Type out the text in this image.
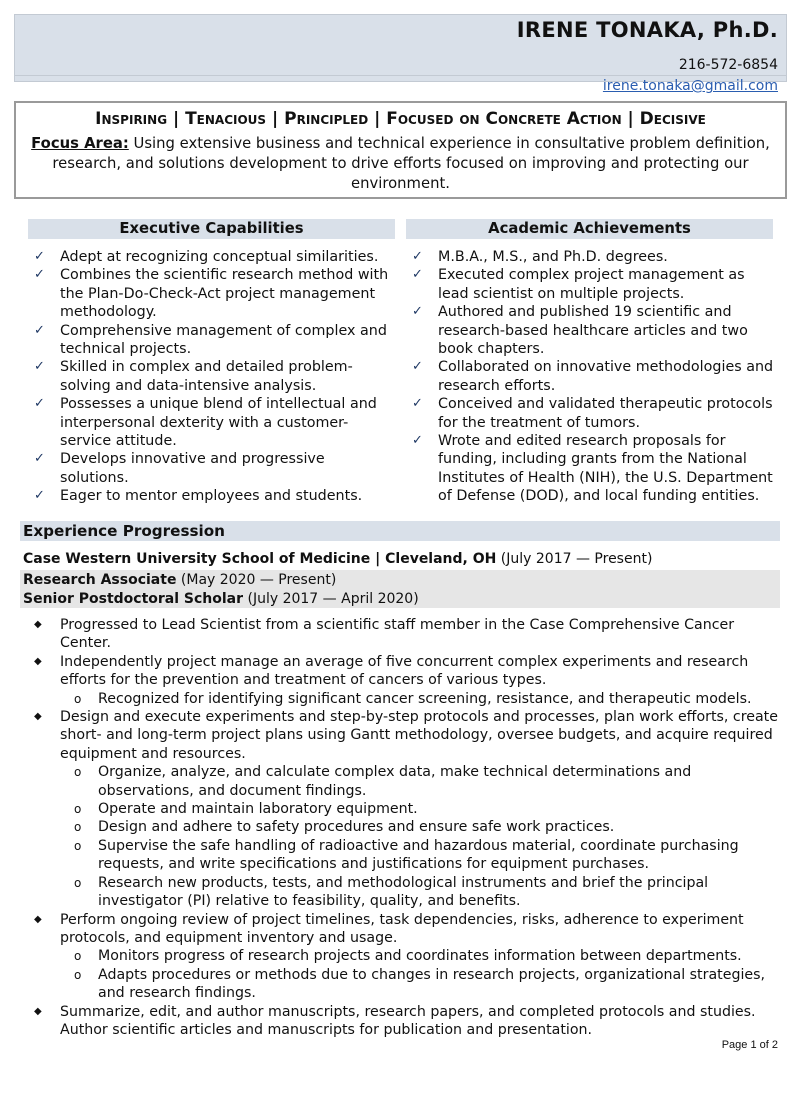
IRENE TONAKA, Ph.D.
216-572-6854
irene.tonaka@gmail.com
Inspiring | Tenacious | Principled | Focused on Concrete Action | Decisive
Focus Area: Using extensive business and technical experience in consultative problem definition, research, and solutions development to drive efforts focused on improving and protecting our environment.
Executive Capabilities	Academic Achievements
✓ Adept at recognizing conceptual similarities.
✓ Combines the scientific research method with the Plan-Do-Check-Act project management methodology.
✓ Comprehensive management of complex and technical projects.
✓ Skilled in complex and detailed problem-solving and data-intensive analysis.
✓ Possesses a unique blend of intellectual and interpersonal dexterity with a customer-service attitude.
✓ Develops innovative and progressive solutions.
✓ Eager to mentor employees and students.
✓ M.B.A., M.S., and Ph.D. degrees.
✓ Executed complex project management as lead scientist on multiple projects.
✓ Authored and published 19 scientific and research-based healthcare articles and two book chapters.
✓ Collaborated on innovative methodologies and research efforts.
✓ Conceived and validated therapeutic protocols for the treatment of tumors.
✓ Wrote and edited research proposals for funding, including grants from the National Institutes of Health (NIH), the U.S. Department of Defense (DOD), and local funding entities.
Experience Progression
Case Western University School of Medicine | Cleveland, OH (July 2017 — Present)
Research Associate (May 2020 — Present)
Senior Postdoctoral Scholar (July 2017 — April 2020)
◆ Progressed to Lead Scientist from a scientific staff member in the Case Comprehensive Cancer Center.
◆ Independently project manage an average of five concurrent complex experiments and research efforts for the prevention and treatment of cancers of various types.
o Recognized for identifying significant cancer screening, resistance, and therapeutic models.
◆ Design and execute experiments and step-by-step protocols and processes, plan work efforts, create short- and long-term project plans using Gantt methodology, oversee budgets, and acquire required equipment and resources.
o Organize, analyze, and calculate complex data, make technical determinations and observations, and document findings.
o Operate and maintain laboratory equipment.
o Design and adhere to safety procedures and ensure safe work practices.
o Supervise the safe handling of radioactive and hazardous material, coordinate purchasing requests, and write specifications and justifications for equipment purchases.
o Research new products, tests, and methodological instruments and brief the principal investigator (PI) relative to feasibility, quality, and benefits.
◆ Perform ongoing review of project timelines, task dependencies, risks, adherence to experiment protocols, and equipment inventory and usage.
o Monitors progress of research projects and coordinates information between departments.
o Adapts procedures or methods due to changes in research projects, organizational strategies, and research findings.
◆ Summarize, edit, and author manuscripts, research papers, and completed protocols and studies. Author scientific articles and manuscripts for publication and presentation.
Page 1 of 2
